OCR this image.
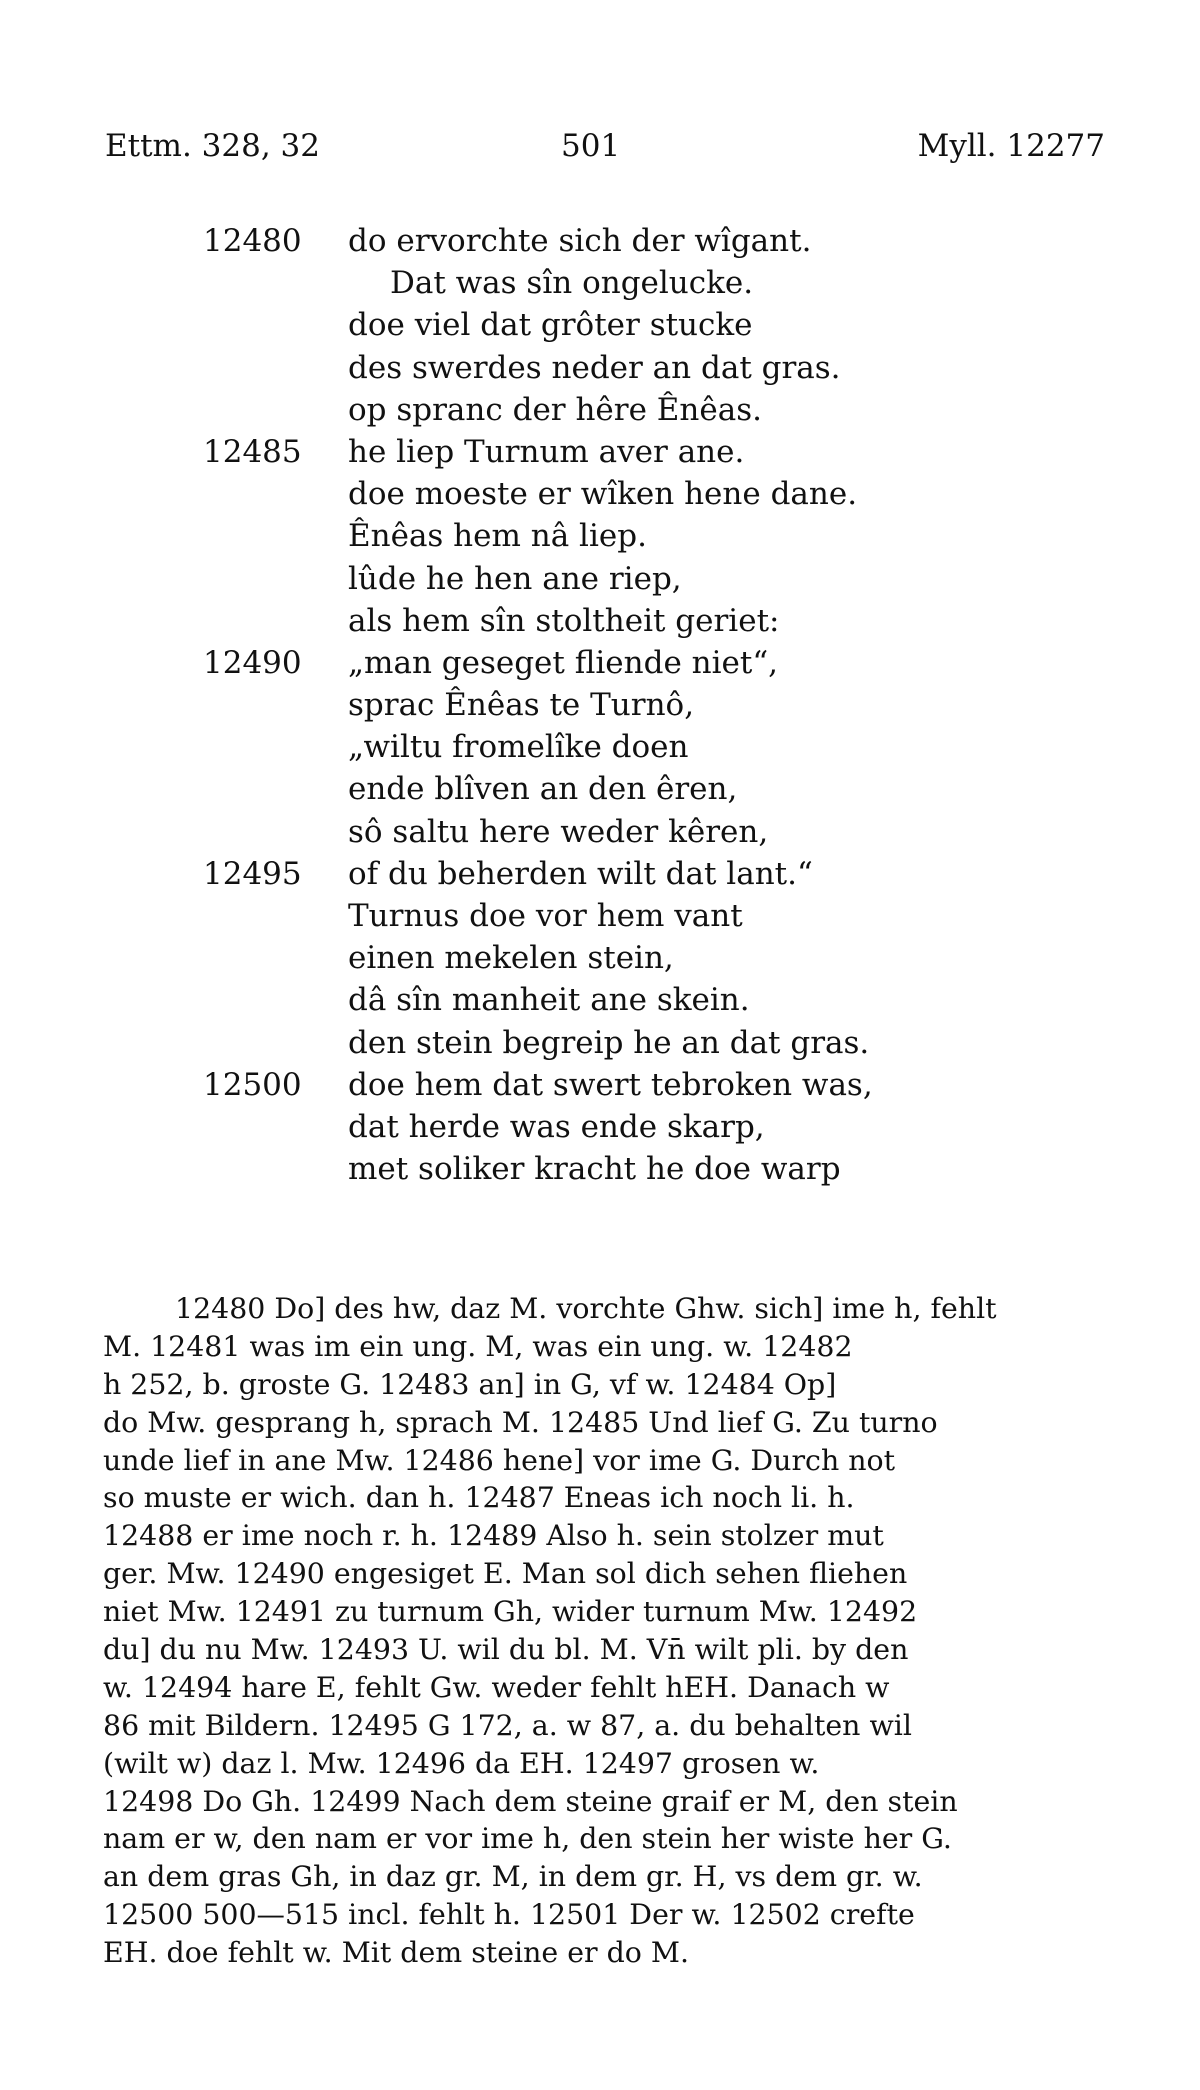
Ettm. 328, 32	501	Myll. 12277
12480 do ervorchte sich der wîgant.
Dat was sîn ongelucke.
doe viel dat grôter stucke
des swerdes neder an dat gras.
op spranc der hêre Ênêas.
12485 he liep Turnum aver ane.
doe moeste er wîken hene dane.
Ênêas hem nâ liep.
lûde he hen ane riep,
als hem sîn stoltheit geriet:
12490 „man geseget fliende niet“,
sprac Ênêas te Turnô,
„wiltu fromelîke doen
ende blîven an den êren,
sô saltu here weder kêren,
12495 of du beherden wilt dat lant.“
Turnus doe vor hem vant
einen mekelen stein,
dâ sîn manheit ane skein.
den stein begreip he an dat gras.
12500 doe hem dat swert tebroken was,
dat herde was ende skarp,
met soliker kracht he doe warp
12480 Do] des hw, daz M. vorchte Ghw. sich] ime h, fehlt
M. 12481 was im ein ung. M, was ein ung. w. 12482
h 252, b. groste G. 12483 an] in G, vf w. 12484 Op]
do Mw. gesprang h, sprach M. 12485 Und lief G. Zu turno
unde lief in ane Mw. 12486 hene] vor ime G. Durch not
so muste er wich. dan h. 12487 Eneas ich noch li. h.
12488 er ime noch r. h. 12489 Also h. sein stolzer mut
ger. Mw. 12490 engesiget E. Man sol dich sehen fliehen
niet Mw. 12491 zu turnum Gh, wider turnum Mw. 12492
du] du nu Mw. 12493 U. wil du bl. M. Vn̄ wilt pli. by den
w. 12494 hare E, fehlt Gw. weder fehlt hEH. Danach w
86 mit Bildern. 12495 G 172, a. w 87, a. du behalten wil
(wilt w) daz l. Mw. 12496 da EH. 12497 grosen w.
12498 Do Gh. 12499 Nach dem steine graif er M, den stein
nam er w, den nam er vor ime h, den stein her wiste her G.
an dem gras Gh, in daz gr. M, in dem gr. H, vs dem gr. w.
12500 500—515 incl. fehlt h. 12501 Der w. 12502 crefte
EH. doe fehlt w. Mit dem steine er do M.
